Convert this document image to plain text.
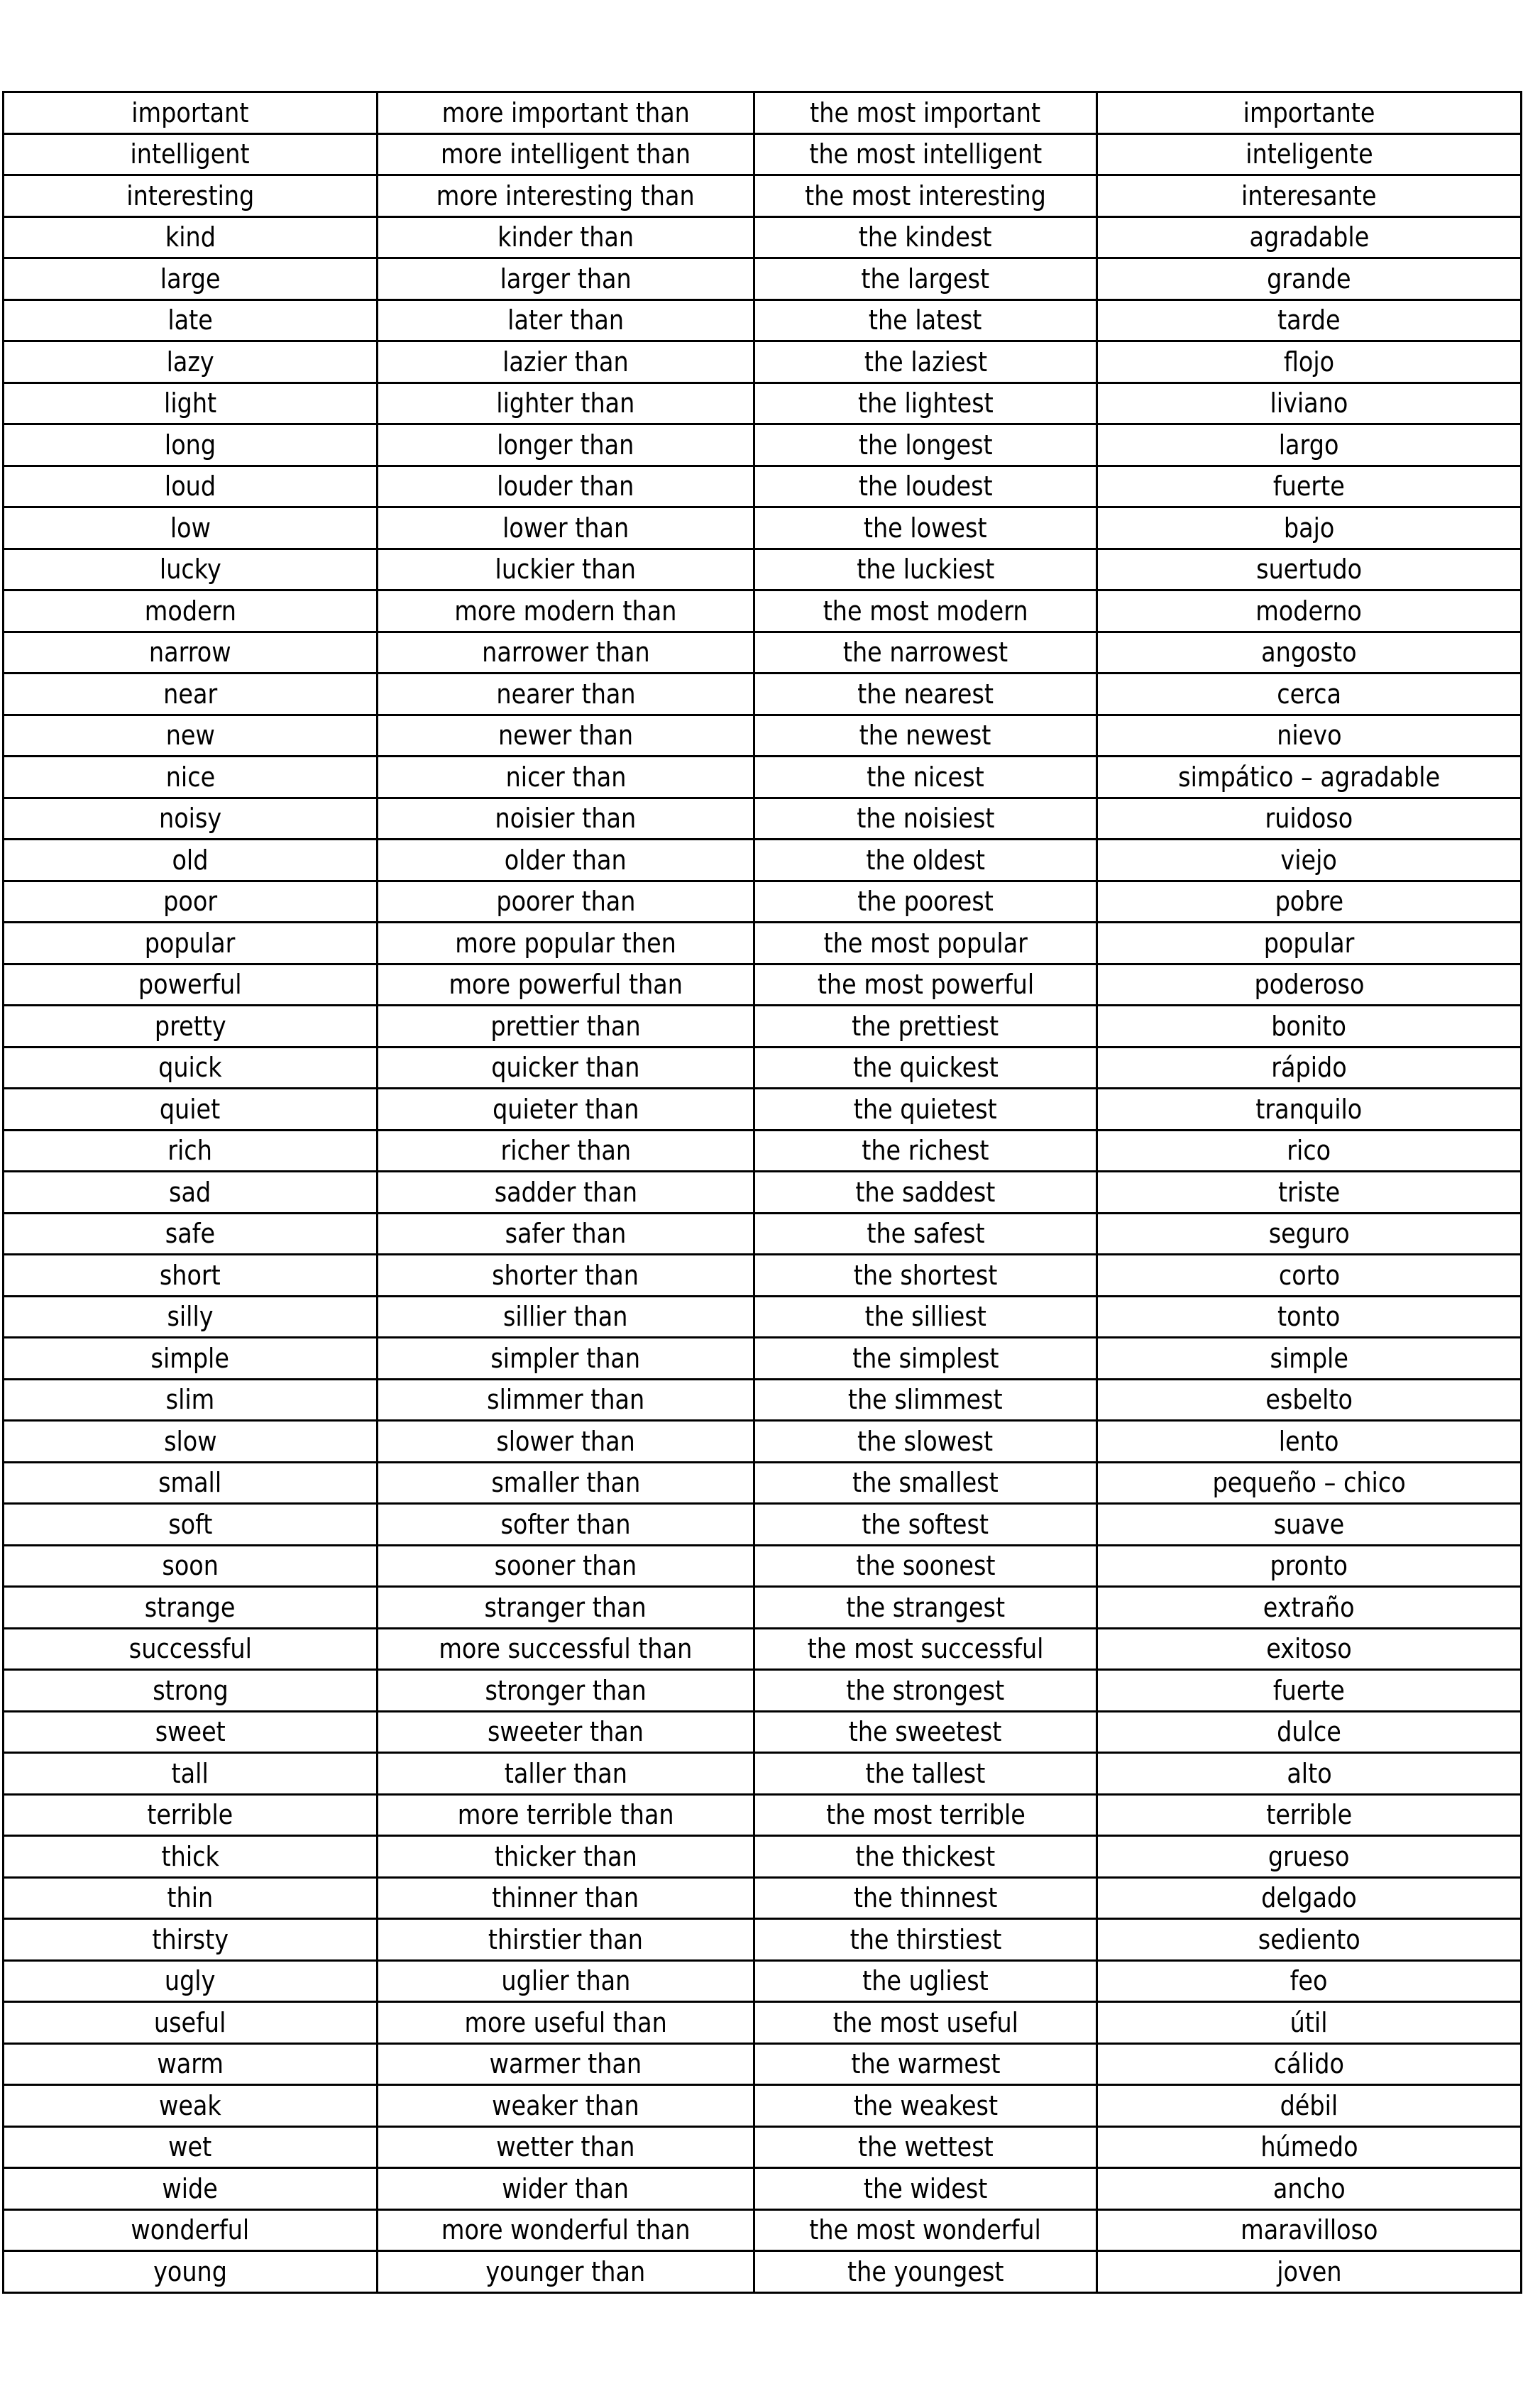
important	more important than	the most important	importante
intelligent	more intelligent than	the most intelligent	inteligente
interesting	more interesting than	the most interesting	interesante
kind	kinder than	the kindest	agradable
large	larger than	the largest	grande
late	later than	the latest	tarde
lazy	lazier than	the laziest	flojo
light	lighter than	the lightest	liviano
long	longer than	the longest	largo
loud	louder than	the loudest	fuerte
low	lower than	the lowest	bajo
lucky	luckier than	the luckiest	suertudo
modern	more modern than	the most modern	moderno
narrow	narrower than	the narrowest	angosto
near	nearer than	the nearest	cerca
new	newer than	the newest	nievo
nice	nicer than	the nicest	simpático – agradable
noisy	noisier than	the noisiest	ruidoso
old	older than	the oldest	viejo
poor	poorer than	the poorest	pobre
popular	more popular then	the most popular	popular
powerful	more powerful than	the most powerful	poderoso
pretty	prettier than	the prettiest	bonito
quick	quicker than	the quickest	rápido
quiet	quieter than	the quietest	tranquilo
rich	richer than	the richest	rico
sad	sadder than	the saddest	triste
safe	safer than	the safest	seguro
short	shorter than	the shortest	corto
silly	sillier than	the silliest	tonto
simple	simpler than	the simplest	simple
slim	slimmer than	the slimmest	esbelto
slow	slower than	the slowest	lento
small	smaller than	the smallest	pequeño – chico
soft	softer than	the softest	suave
soon	sooner than	the soonest	pronto
strange	stranger than	the strangest	extraño
successful	more successful than	the most successful	exitoso
strong	stronger than	the strongest	fuerte
sweet	sweeter than	the sweetest	dulce
tall	taller than	the tallest	alto
terrible	more terrible than	the most terrible	terrible
thick	thicker than	the thickest	grueso
thin	thinner than	the thinnest	delgado
thirsty	thirstier than	the thirstiest	sediento
ugly	uglier than	the ugliest	feo
useful	more useful than	the most useful	útil
warm	warmer than	the warmest	cálido
weak	weaker than	the weakest	débil
wet	wetter than	the wettest	húmedo
wide	wider than	the widest	ancho
wonderful	more wonderful than	the most wonderful	maravilloso
young	younger than	the youngest	joven
